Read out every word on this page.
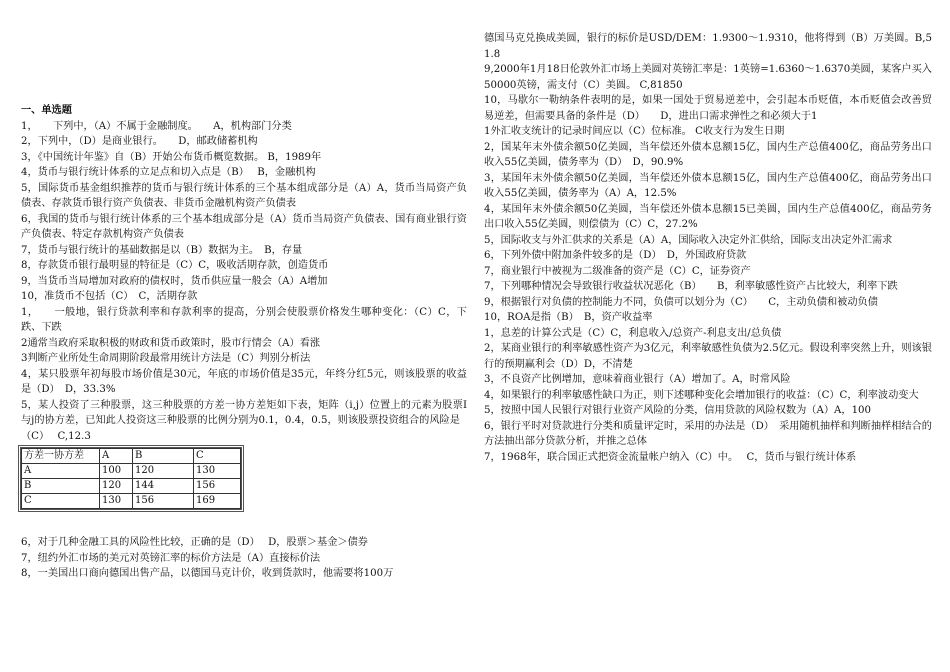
一、单选题
1，　　下列中，（A）不属于金融制度。　　A，机构部门分类
2，下列中，（D）是商业银行。　　D，邮政储蓄机构
3，《中国统计年鉴》自（B）开始公布货币概览数据。 B，1989年
4，货币与银行统计体系的立足点和切入点是（B）　 B，金融机构
5，国际货币基金组织推荐的货币与银行统计体系的三个基本组成部分是（A）A，货币当局资产负债表、存款货币银行资产负债表、非货币金融机构资产负债表
6，我国的货币与银行统计体系的三个基本组成部分是（A）货币当局资产负债表、国有商业银行资产负债表、特定存款机构资产负债表
7，货币与银行统计的基础数据是以（B）数据为主。　B，存量
8，存款货币银行最明显的特征是（C）C，吸收活期存款，创造货币
9，当货币当局增加对政府的债权时，货币供应量一般会（A）A增加
10，准货币不包括（C）　C，活期存款
1，　　一般地，银行贷款利率和存款利率的提高，分别会使股票价格发生哪种变化：（C）C，下跌、下跌
2通常当政府采取积极的财政和货币政策时，股市行情会（A）看涨
3判断产业所处生命周期阶段最常用统计方法是（C）判别分析法
4，某只股票年初每股市场价值是30元，年底的市场价值是35元，年终分红5元，则该股票的收益是（D）　D，33.3%
5，某人投资了三种股票，这三种股票的方差一协方差矩如下表，矩阵（i,j）位置上的元素为股票I与j的协方差，已知此人投资这三种股票的比例分别为0.1，0.4，0.5，则该股票投资组合的风险是
（C）　 C,12.3
方差一协方差	A	B	C
A	100	120	130
B	120	144	156
C	130	156	169
6，对于几种金融工具的风险性比较，正确的是（D）　 D，股票＞基金＞债券
7，纽约外汇市场的美元对英镑汇率的标价方法是（A）直接标价法
8，一美国出口商向德国出售产品，以德国马克计价，收到货款时，他需要将100万
德国马克兑换成美圆，银行的标价是USD/DEM：1.9300～1.9310，他将得到（B）万美圆。B,51.8
9,2000年1月18日伦敦外汇市场上美圆对英镑汇率是：1英镑=1.6360～1.6370美圆，某客户买入50000英镑，需支付（C）美圆。 C,81850
10，马歇尔一勒纳条件表明的是，如果一国处于贸易逆差中，会引起本币贬值，本币贬值会改善贸易逆差，但需要具备的条件是（D）　　D，进出口需求弹性之和必须大于1
1外汇收支统计的记录时间应以（C）位标准。 C收支行为发生日期
2，国某年末外债余额50亿美圆，当年偿还外债本息额15亿，国内生产总值400亿，商品劳务出口收入55亿美圆，债务率为（D）　D，90.9%
3，某国年末外债余额50亿美圆，当年偿还外债本息额15亿，国内生产总值400亿，商品劳务出口收入55亿美圆，债务率为（A）A，12.5%
4，某国年末外债余额50亿美圆，当年偿还外债本息额15已美圆，国内生产总值400亿，商品劳务出口收入55亿美圆，则偿债为（C）C，27.2%
5，国际收支与外汇供求的关系是（A）A，国际收入决定外汇供给，国际支出决定外汇需求
6，下列外债中附加条件较多的是（D）　D，外国政府贷款
7，商业银行中被视为二级准备的资产是（C）C，证券资产
7，下列哪种情况会导致银行收益状况恶化（B）　　B，利率敏感性资产占比较大，利率下跌
9，根据银行对负债的控制能力不同，负债可以划分为（C）　　C，主动负债和被动负债
10，ROA是指（B）　B，资产收益率
1，息差的计算公式是（C）C，利息收入/总资产-利息支出/总负债
2，某商业银行的利率敏感性资产为3亿元，利率敏感性负债为2.5亿元。假设利率突然上升，则该银行的预期赢利会（D）D，不清楚
3，不良资产比例增加，意味着商业银行（A）增加了。A，时常风险
4，如果银行的利率敏感性缺口为正，则下述哪种变化会增加银行的收益：（C）C，利率波动变大
5，按照中国人民银行对银行业资产风险的分类，信用贷款的风险权数为（A）A，100
6，银行平时对贷款进行分类和质量评定时，采用的办法是（D）　采用随机抽样和判断抽样相结合的方法抽出部分贷款分析，并推之总体
7，1968年，联合国正式把资金流量帐户纳入（C）中。　 C，货币与银行统计体系
